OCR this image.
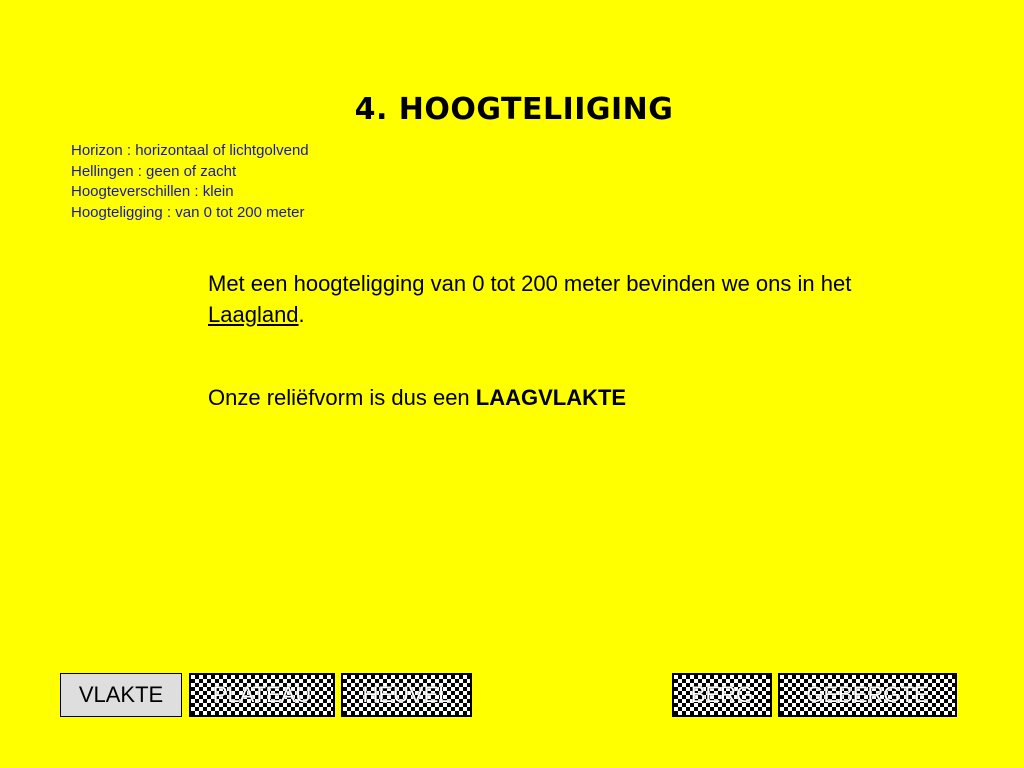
4. HOOGTELIIGING
Horizon : horizontaal of lichtgolvend
Hellingen : geen of zacht
Hoogteverschillen : klein
Hoogteligging : van 0 tot 200 meter

Met een hoogteligging van 0 tot 200 meter bevinden we ons in het Laagland.

Onze reliëfvorm is dus een LAAGVLAKTE

VLAKTE	PLATEAU	HEUVEL	BERG	GEBERGTE
